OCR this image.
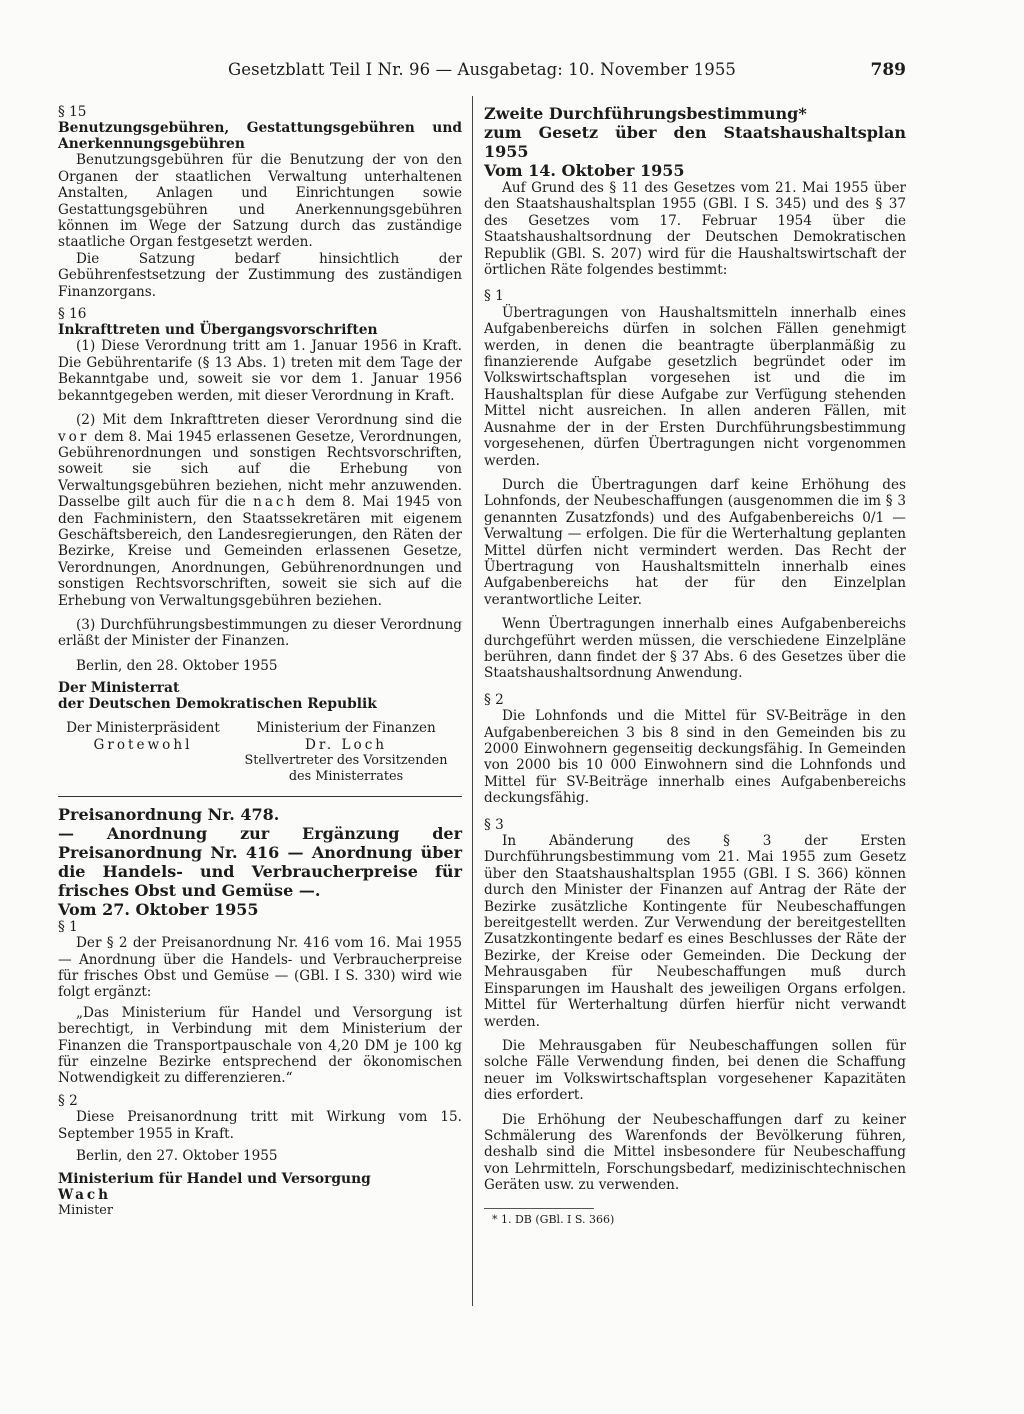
Gesetzblatt Teil I Nr. 96 — Ausgabetag: 10. November 1955	789

§ 15

Benutzungsgebühren, Gestattungsgebühren und Anerkennungsgebühren

Benutzungsgebühren für die Benutzung der von den Organen der staatlichen Verwaltung unterhaltenen Anstalten, Anlagen und Einrichtungen sowie Gestattungsgebühren und Anerkennungsgebühren können im Wege der Satzung durch das zuständige staatliche Organ festgesetzt werden.

Die Satzung bedarf hinsichtlich der Gebührenfestsetzung der Zustimmung des zuständigen Finanzorgans.

§ 16

Inkrafttreten und Übergangsvorschriften

(1) Diese Verordnung tritt am 1. Januar 1956 in Kraft. Die Gebührentarife (§ 13 Abs. 1) treten mit dem Tage der Bekanntgabe und, soweit sie vor dem 1. Januar 1956 bekanntgegeben werden, mit dieser Verordnung in Kraft.

(2) Mit dem Inkrafttreten dieser Verordnung sind die vor dem 8. Mai 1945 erlassenen Gesetze, Verordnungen, Gebührenordnungen und sonstigen Rechtsvorschriften, soweit sie sich auf die Erhebung von Verwaltungsgebühren beziehen, nicht mehr anzuwenden. Dasselbe gilt auch für die nach dem 8. Mai 1945 von den Fachministern, den Staatssekretären mit eigenem Geschäftsbereich, den Landesregierungen, den Räten der Bezirke, Kreise und Gemeinden erlassenen Gesetze, Verordnungen, Anordnungen, Gebührenordnungen und sonstigen Rechtsvorschriften, soweit sie sich auf die Erhebung von Verwaltungsgebühren beziehen.

(3) Durchführungsbestimmungen zu dieser Verordnung erläßt der Minister der Finanzen.

Berlin, den 28. Oktober 1955

Der Ministerrat

der Deutschen Demokratischen Republik

Der Ministerpräsident
Grotewohl
Ministerium der Finanzen
Dr. Loch
Stellvertreter des Vorsitzenden
des Ministerrates

Preisanordnung Nr. 478.

— Anordnung zur Ergänzung der Preisanordnung Nr. 416 — Anordnung über die Handels- und Verbraucherpreise für frisches Obst und Gemüse —.

Vom 27. Oktober 1955

§ 1

Der § 2 der Preisanordnung Nr. 416 vom 16. Mai 1955 — Anordnung über die Handels- und Verbraucherpreise für frisches Obst und Gemüse — (GBl. I S. 330) wird wie folgt ergänzt:

„Das Ministerium für Handel und Versorgung ist berechtigt, in Verbindung mit dem Ministerium der Finanzen die Transportpauschale von 4,20 DM je 100 kg für einzelne Bezirke entsprechend der ökonomischen Notwendigkeit zu differenzieren.“

§ 2

Diese Preisanordnung tritt mit Wirkung vom 15. September 1955 in Kraft.

Berlin, den 27. Oktober 1955

Ministerium für Handel und Versorgung

Wach

Minister

Zweite Durchführungsbestimmung*

zum Gesetz über den Staatshaushaltsplan 1955

Vom 14. Oktober 1955

Auf Grund des § 11 des Gesetzes vom 21. Mai 1955 über den Staatshaushaltsplan 1955 (GBl. I S. 345) und des § 37 des Gesetzes vom 17. Februar 1954 über die Staatshaushaltsordnung der Deutschen Demokratischen Republik (GBl. S. 207) wird für die Haushaltswirtschaft der örtlichen Räte folgendes bestimmt:

§ 1

Übertragungen von Haushaltsmitteln innerhalb eines Aufgabenbereichs dürfen in solchen Fällen genehmigt werden, in denen die beantragte überplanmäßig zu finanzierende Aufgabe gesetzlich begründet oder im Volkswirtschaftsplan vorgesehen ist und die im Haushaltsplan für diese Aufgabe zur Verfügung stehenden Mittel nicht ausreichen. In allen anderen Fällen, mit Ausnahme der in der Ersten Durchführungsbestimmung vorgesehenen, dürfen Übertragungen nicht vorgenommen werden.

Durch die Übertragungen darf keine Erhöhung des Lohnfonds, der Neubeschaffungen (ausgenommen die im § 3 genannten Zusatzfonds) und des Aufgabenbereichs 0/1 — Verwaltung — erfolgen. Die für die Werterhaltung geplanten Mittel dürfen nicht vermindert werden. Das Recht der Übertragung von Haushaltsmitteln innerhalb eines Aufgabenbereichs hat der für den Einzelplan verantwortliche Leiter.

Wenn Übertragungen innerhalb eines Aufgabenbereichs durchgeführt werden müssen, die verschiedene Einzelpläne berühren, dann findet der § 37 Abs. 6 des Gesetzes über die Staatshaushaltsordnung Anwendung.

§ 2

Die Lohnfonds und die Mittel für SV-Beiträge in den Aufgabenbereichen 3 bis 8 sind in den Gemeinden bis zu 2000 Einwohnern gegenseitig deckungsfähig. In Gemeinden von 2000 bis 10 000 Einwohnern sind die Lohnfonds und Mittel für SV-Beiträge innerhalb eines Aufgabenbereichs deckungsfähig.

§ 3

In Abänderung des § 3 der Ersten Durchführungsbestimmung vom 21. Mai 1955 zum Gesetz über den Staatshaushaltsplan 1955 (GBl. I S. 366) können durch den Minister der Finanzen auf Antrag der Räte der Bezirke zusätzliche Kontingente für Neubeschaffungen bereitgestellt werden. Zur Verwendung der bereitgestellten Zusatzkontingente bedarf es eines Beschlusses der Räte der Bezirke, der Kreise oder Gemeinden. Die Deckung der Mehrausgaben für Neubeschaffungen muß durch Einsparungen im Haushalt des jeweiligen Organs erfolgen. Mittel für Werterhaltung dürfen hierfür nicht verwandt werden.

Die Mehrausgaben für Neubeschaffungen sollen für solche Fälle Verwendung finden, bei denen die Schaffung neuer im Volkswirtschaftsplan vorgesehener Kapazitäten dies erfordert.

Die Erhöhung der Neubeschaffungen darf zu keiner Schmälerung des Warenfonds der Bevölkerung führen, deshalb sind die Mittel insbesondere für Neubeschaffung von Lehrmitteln, Forschungsbedarf, medizinischtechnischen Geräten usw. zu verwenden.

* 1. DB (GBl. I S. 366)
